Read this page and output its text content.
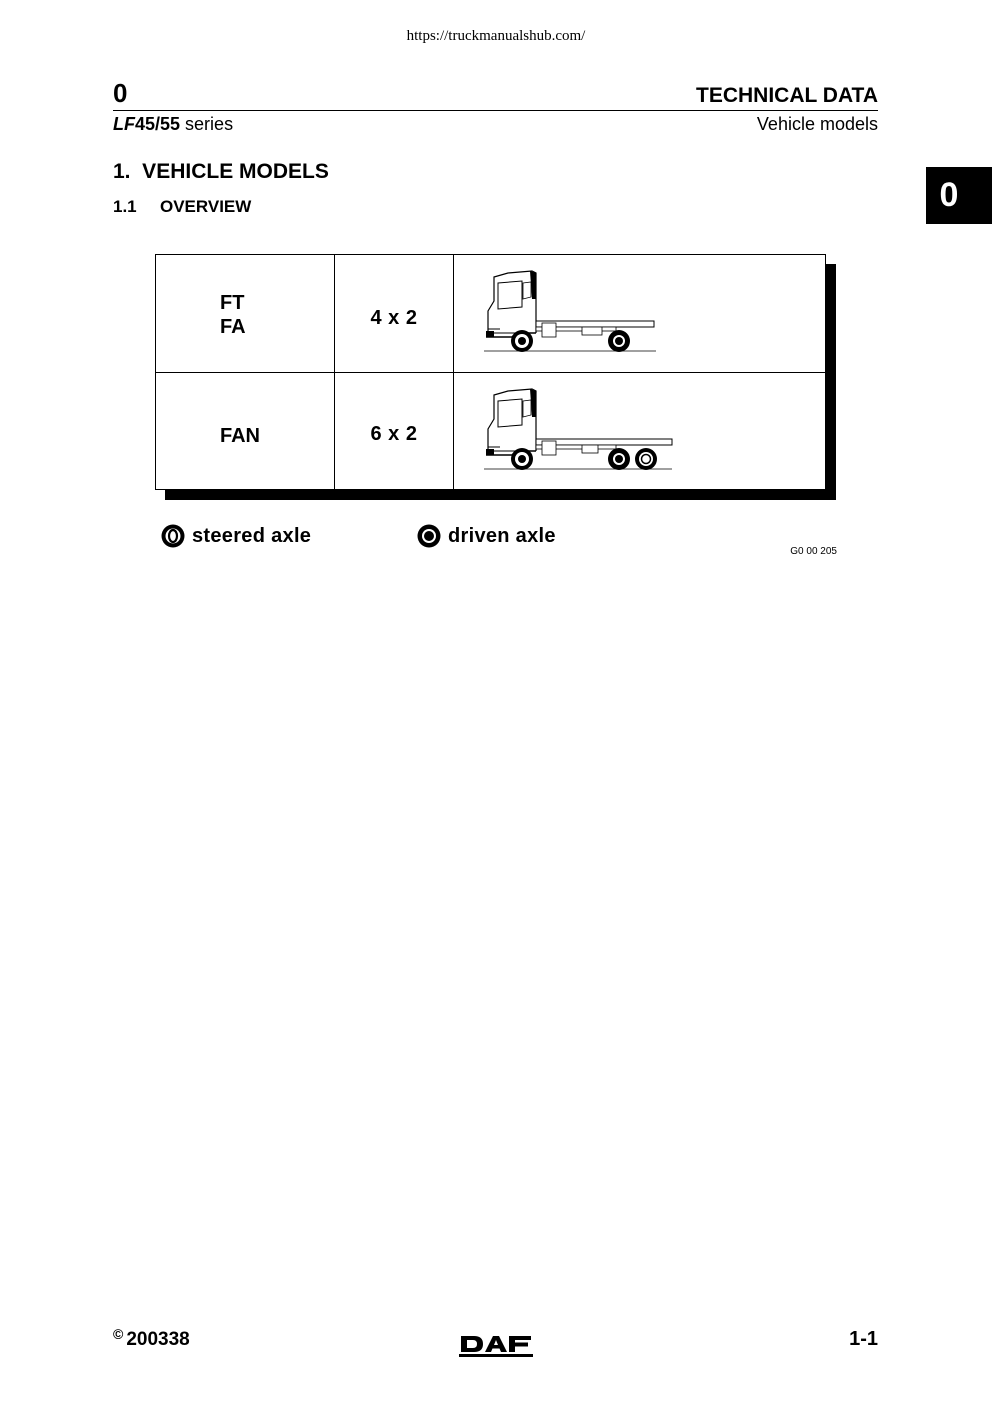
https://truckmanualshub.com/
0	TECHNICAL DATA
LF45/55 series	Vehicle models
0
1.  VEHICLE MODELS
1.1 OVERVIEW
FT
FA	4 x 2
FAN	6 x 2
steered axle	driven axle
G0 00 205
© 200338	1-1
